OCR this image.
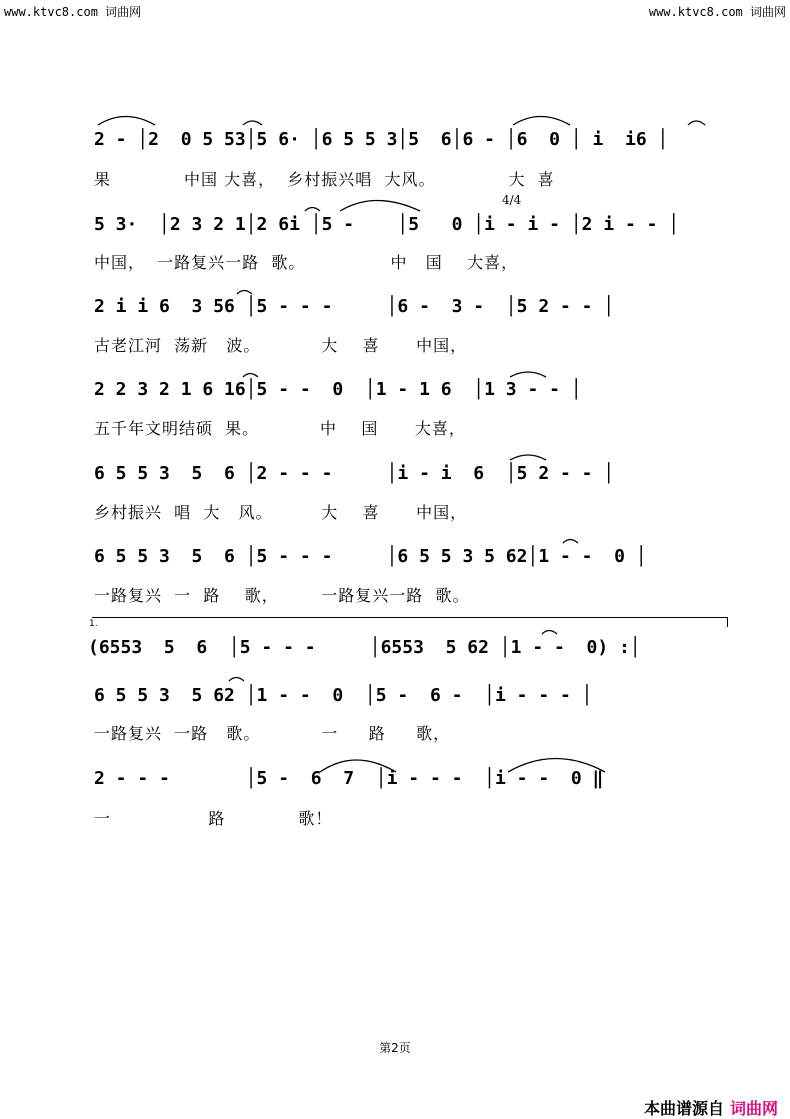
www.ktvc8.com 词曲网	www.ktvc8.com 词曲网
4/4
2 - │2  0 5 53│5 6· │6 5 5 3│5  6│6 - │6  0 │ i  i6 │
果            中国 大喜，  乡村振兴唱  大风。            大  喜
5 3·  │2 3 2 1│2 6i │5 -    │5   0 │i - i - │2 i - - │
中国，  一路复兴一路  歌。              中   国    大喜，
2 i i 6  3 56 │5 - - -     │6 -  3 -  │5 2 - - │
古老江河  荡新   波。          大    喜      中国，
2 2 3 2 1 6 16│5 - -  0  │1 - 1 6  │1 3 - - │
五千年文明结硕  果。          中    国      大喜，
6 5 5 3  5  6 │2 - - -     │i - i  6  │5 2 - - │
乡村振兴  唱  大   风。        大    喜      中国，
6 5 5 3  5  6 │5 - - -     │6 5 5 3 5 62│1 - -  0 │
一路复兴  一  路    歌，       一路复兴一路  歌。
1.
(6553  5  6  │5 - - -     │6553  5 62 │1 - -  0) :│
6 5 5 3  5 62 │1 - -  0  │5 -  6 -  │i - - - │
一路复兴  一路   歌。          一     路     歌，
2 - - -       │5 -  6  7  │i - - -  │i - -  0 ‖
一                路            歌！
第2页
本曲谱源自 词曲网
